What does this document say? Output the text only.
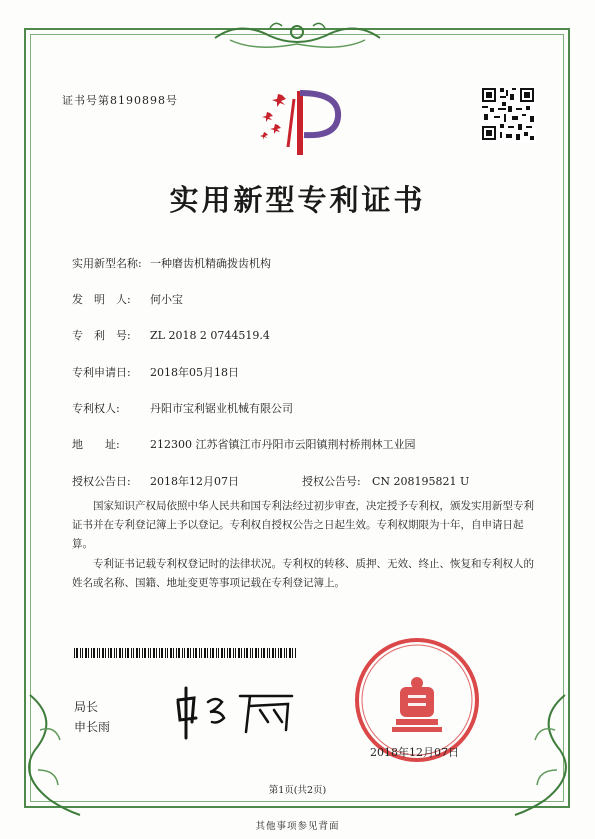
证书号第8190898号
实用新型专利证书
实用新型名称: 一种磨齿机精确拨齿机构
发　明　人: 何小宝
专　利　号: ZL 2018 2 0744519.4
专利申请日: 2018年05月18日
专利权人:	丹阳市宝利锯业机械有限公司
地　　址:	212300 江苏省镇江市丹阳市云阳镇荆村桥荆林工业园
授权公告日: 2018年12月07日	授权公告号: CN 208195821 U
国家知识产权局依照中华人民共和国专利法经过初步审查，决定授予专利权，颁发实用新型专利证书并在专利登记簿上予以登记。专利权自授权公告之日起生效。专利权期限为十年，自申请日起算。
专利证书记载专利权登记时的法律状况。专利权的转移、质押、无效、终止、恢复和专利权人的姓名或名称、国籍、地址变更等事项记载在专利登记簿上。
局长
申长雨
2018年12月07日
第1页(共2页)
其他事项参见背面
